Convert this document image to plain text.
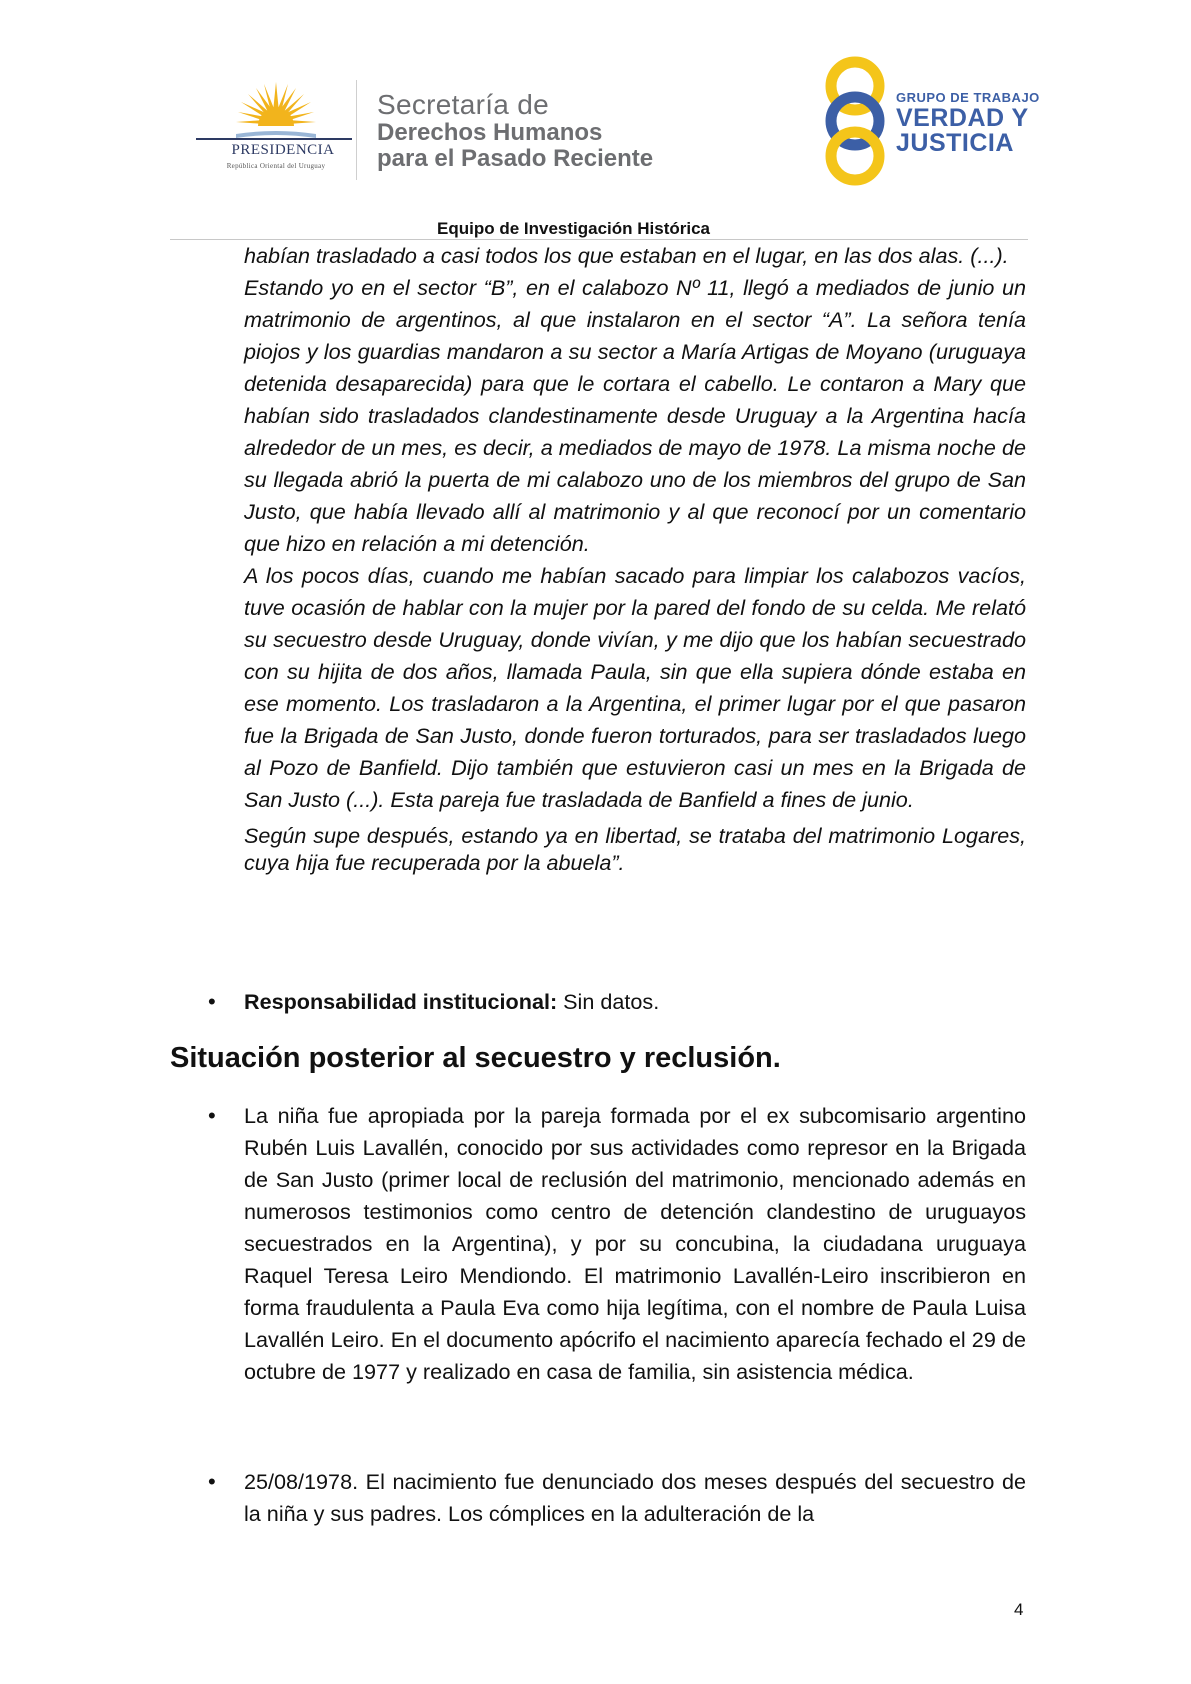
PRESIDENCIA
República Oriental del Uruguay
Secretaría de
Derechos Humanos
para el Pasado Reciente
GRUPO DE TRABAJO
VERDAD Y
JUSTICIA
Equipo de Investigación Histórica

habían trasladado a casi todos los que estaban en el lugar, en las dos alas. (...).

Estando yo en el sector “B”, en el calabozo Nº 11, llegó a mediados de junio un matrimonio de argentinos, al que instalaron en el sector “A”. La señora tenía piojos y los guardias mandaron a su sector a María Artigas de Moyano (uruguaya detenida desaparecida) para que le cortara el cabello. Le contaron a Mary que habían sido trasladados clandestinamente desde Uruguay a la Argentina hacía alrededor de un mes, es decir, a mediados de mayo de 1978. La misma noche de su llegada abrió la puerta de mi calabozo uno de los miembros del grupo de San Justo, que había llevado allí al matrimonio y al que reconocí por un comentario que hizo en relación a mi detención.

A los pocos días, cuando me habían sacado para limpiar los calabozos vacíos, tuve ocasión de hablar con la mujer por la pared del fondo de su celda. Me relató su secuestro desde Uruguay, donde vivían, y me dijo que los habían secuestrado con su hijita de dos años, llamada Paula, sin que ella supiera dónde estaba en ese momento. Los trasladaron a la Argentina, el primer lugar por el que pasaron fue la Brigada de San Justo, donde fueron torturados, para ser trasladados luego al Pozo de Banfield. Dijo también que estuvieron casi un mes en la Brigada de San Justo (...). Esta pareja fue trasladada de Banfield a fines de junio.

Según supe después, estando ya en libertad, se trataba del matrimonio Logares, cuya hija fue recuperada por la abuela”.

• Responsabilidad institucional: Sin datos.
Situación posterior al secuestro y reclusión.
• La niña fue apropiada por la pareja formada por el ex subcomisario argentino Rubén Luis Lavallén, conocido por sus actividades como represor en la Brigada de San Justo (primer local de reclusión del matrimonio, mencionado además en numerosos testimonios como centro de detención clandestino de uruguayos secuestrados en la Argentina), y por su concubina, la ciudadana uruguaya Raquel Teresa Leiro Mendiondo. El matrimonio Lavallén-Leiro inscribieron en forma fraudulenta a Paula Eva como hija legítima, con el nombre de Paula Luisa Lavallén Leiro. En el documento apócrifo el nacimiento aparecía fechado el 29 de octubre de 1977 y realizado en casa de familia, sin asistencia médica.
• 25/08/1978. El nacimiento fue denunciado dos meses después del secuestro de la niña y sus padres. Los cómplices en la adulteración de la
4
